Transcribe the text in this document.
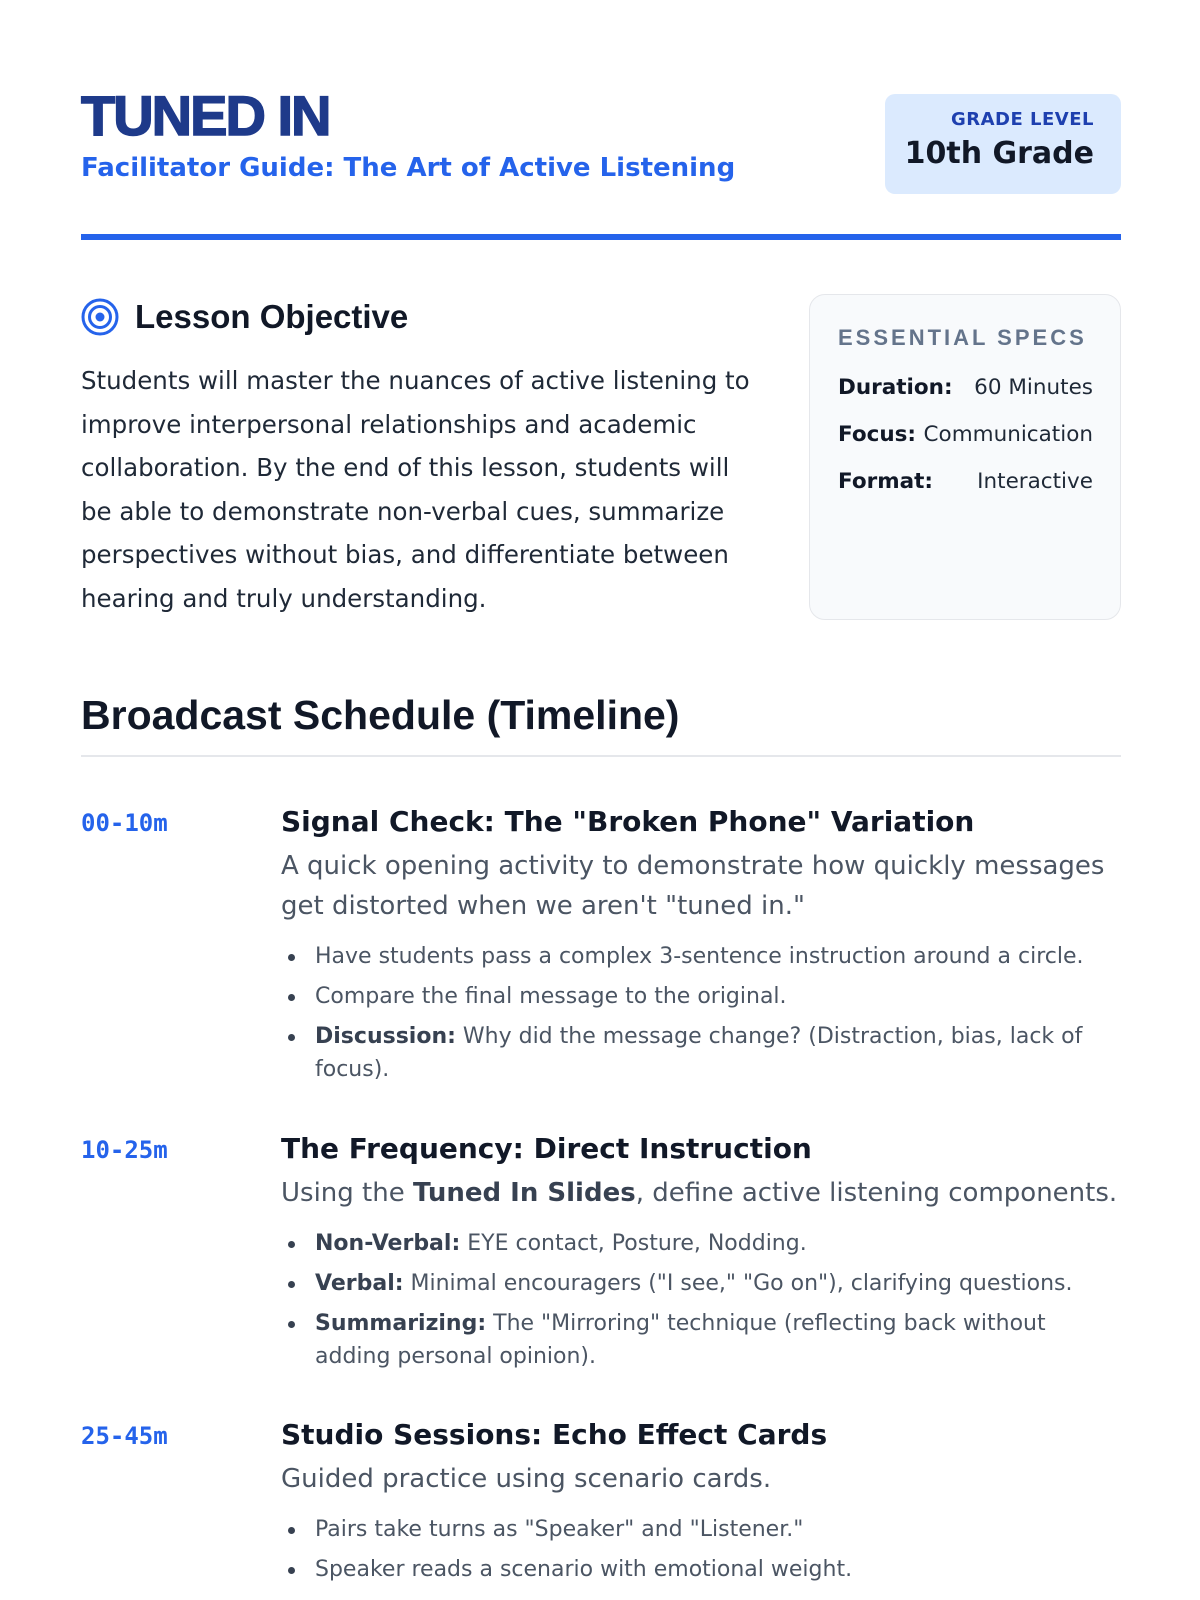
TUNED IN

Facilitator Guide: The Art of Active Listening

GRADE LEVEL
10th Grade
Lesson Objective

Students will master the nuances of active listening to improve interpersonal relationships and academic collaboration. By the end of this lesson, students will be able to demonstrate non-verbal cues, summarize perspectives without bias, and differentiate between hearing and truly understanding.

ESSENTIAL SPECS
Duration: 60 Minutes
Focus: Communication
Format: Interactive
Broadcast Schedule (Timeline)
00-10m	Signal Check: The "Broken Phone" Variation

A quick opening activity to demonstrate how quickly messages get distorted when we aren't "tuned in."

Have students pass a complex 3-sentence instruction around a circle.
Compare the final message to the original.
Discussion: Why did the message change? (Distraction, bias, lack of focus).
10-25m	The Frequency: Direct Instruction

Using the Tuned In Slides, define active listening components.

Non-Verbal: EYE contact, Posture, Nodding.
Verbal: Minimal encouragers ("I see," "Go on"), clarifying questions.
Summarizing: The "Mirroring" technique (reflecting back without adding personal opinion).
25-45m	Studio Sessions: Echo Effect Cards

Guided practice using scenario cards.

Pairs take turns as "Speaker" and "Listener."
Speaker reads a scenario with emotional weight.
